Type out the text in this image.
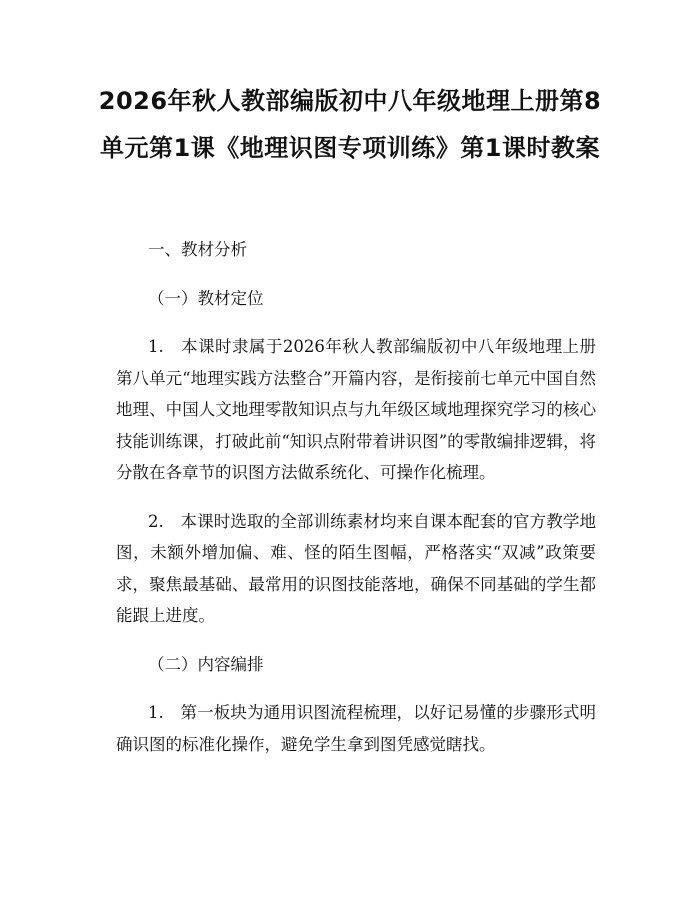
2026年秋人教部编版初中八年级地理上册第8单元第1课《地理识图专项训练》第1课时教案

一、教材分析

（一）教材定位

1.　本课时隶属于2026年秋人教部编版初中八年级地理上册第八单元“地理实践方法整合”开篇内容，是衔接前七单元中国自然地理、中国人文地理零散知识点与九年级区域地理探究学习的核心技能训练课，打破此前“知识点附带着讲识图”的零散编排逻辑，将分散在各章节的识图方法做系统化、可操作化梳理。

2.　本课时选取的全部训练素材均来自课本配套的官方教学地图，未额外增加偏、难、怪的陌生图幅，严格落实“双减”政策要求，聚焦最基础、最常用的识图技能落地，确保不同基础的学生都能跟上进度。

（二）内容编排

1.　第一板块为通用识图流程梳理，以好记易懂的步骤形式明确识图的标准化操作，避免学生拿到图凭感觉瞎找。
